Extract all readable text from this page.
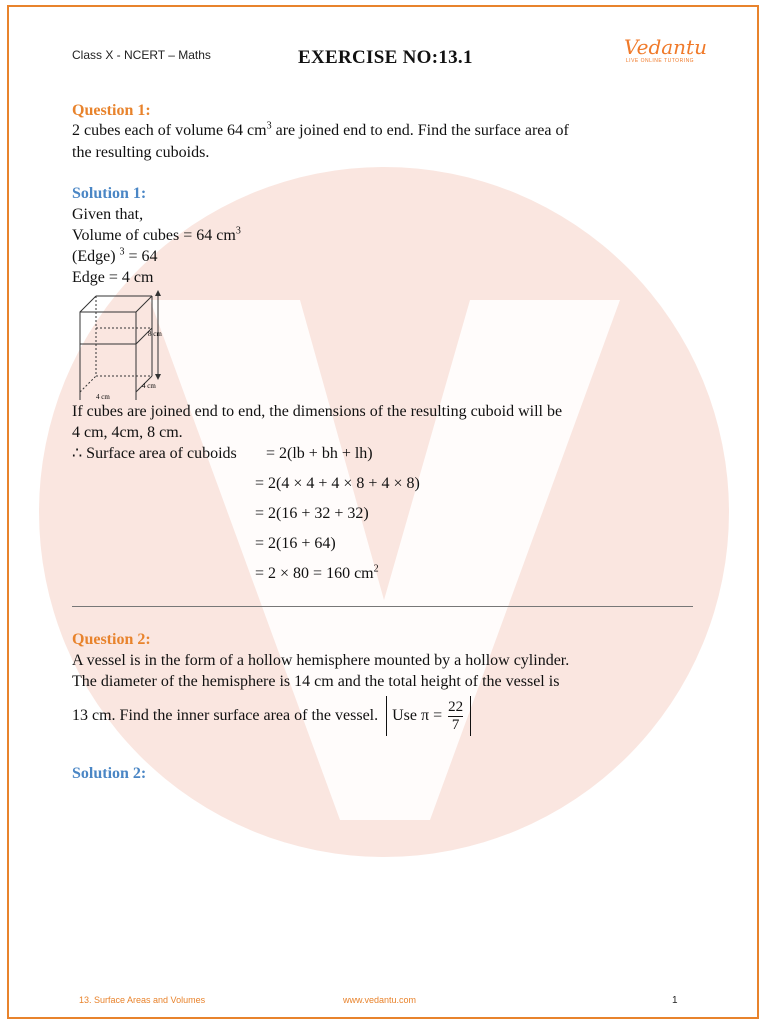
Class X - NCERT – Maths	EXERCISE NO:13.1	Vedantu
LIVE ONLINE TUTORING
Question 1:
2 cubes each of volume 64 $cm^3$ are joined end to end. Find the surface area of
the resulting cuboids.
Solution 1:
Given that,
Volume of cubes = 64 $cm^3$
(Edge) $^3$ = 64
Edge = 4 cm
8 cm
4 cm
4 cm
If cubes are joined end to end, the dimensions of the resulting cuboid will be
4 cm, 4cm, 8 cm.
∴ Surface area of cuboids = 2(lb + bh + lh)
= 2(4 × 4 + 4 × 8 + 4 × 8)
= 2(16 + 32 + 32)
= 2(16 + 64)
= 2 × 80 = 160 $cm^2$
Question 2:
A vessel is in the form of a hollow hemisphere mounted by a hollow cylinder.
The diameter of the hemisphere is 14 cm and the total height of the vessel is
13 cm. Find the inner surface area of the vessel. Use $\pi = \frac{22}{7}$
Solution 2:
13. Surface Areas and Volumes	www.vedantu.com	1
